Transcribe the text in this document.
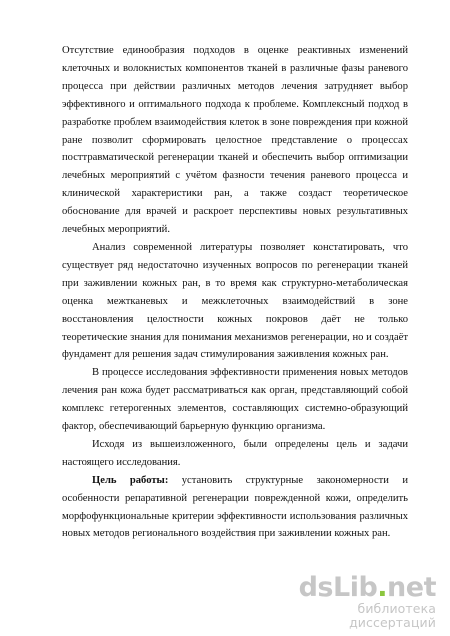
Отсутствие единообразия подходов в оценке реактивных изменений клеточных и волокнистых компонентов тканей в различные фазы раневого процесса при действии различных методов лечения затрудняет выбор эффективного и оптимального подхода к проблеме. Комплексный подход в разработке проблем взаимодействия клеток в зоне повреждения при кожной ране позволит сформировать целостное представление о процессах посттравматической регенерации тканей и обеспечить выбор оптимизации лечебных мероприятий с учётом фазности течения раневого процесса и клинической характеристики ран, а также создаст теоретическое обоснование для врачей и раскроет перспективы новых результативных лечебных мероприятий.

Анализ современной литературы позволяет констатировать, что существует ряд недостаточно изученных вопросов по регенерации тканей при заживлении кожных ран, в то время как структурно-метаболическая оценка межтканевых и межклеточных взаимодействий в зоне восстановления целостности кожных покровов даёт не только теоретические знания для понимания механизмов регенерации, но и создаёт фундамент для решения задач стимулирования заживления кожных ран.

В процессе исследования эффективности применения новых методов лечения ран кожа будет рассматриваться как орган, представляющий собой комплекс гетерогенных элементов, составляющих системно-образующий фактор, обеспечивающий барьерную функцию организма.

Исходя из вышеизложенного, были определены цель и задачи настоящего исследования.

Цель работы: установить структурные закономерности и особенности репаративной регенерации поврежденной кожи, определить морфофункциональные критерии эффективности использования различных новых методов регионального воздействия при заживлении кожных ран.

dsLib.net
библиотека диссертаций
